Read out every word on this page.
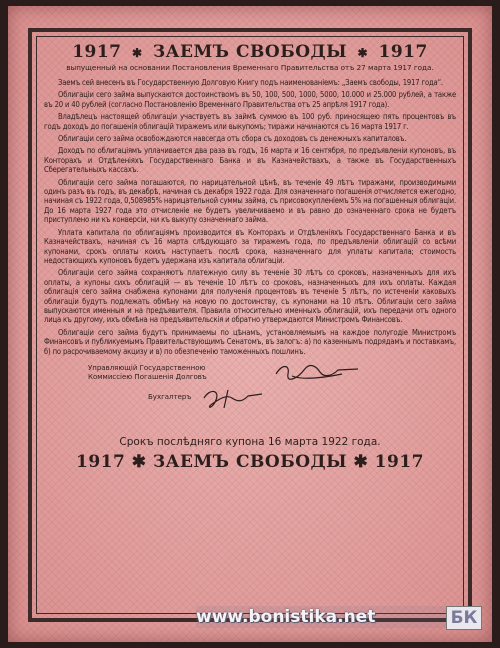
1917 ✱ ЗАЕМЪ СВОБОДЫ ✱ 1917
выпущенный на основании Постановления Временнаго Правительства отъ 27 марта 1917 года.

Заемъ сей внесенъ въ Государственную Долговую Книгу подъ наименованіемъ: „Заемъ свободы, 1917 года“.

Облигаціи сего займа выпускаются достоинствомъ въ 50, 100, 500, 1000, 5000, 10.000 и 25.000 рублей, а также въ 20 и 40 рублей (согласно Постановленію Временнаго Правительства отъ 25 апрѣля 1917 года).

Владѣлецъ настоящей облигаціи участвуетъ въ займѣ суммою въ 100 руб. приносящею пять процентовъ въ годъ доходъ до погашенія облигацій тиражемъ или выкупомъ; тиражи начинаются съ 16 марта 1917 г.

Облигаціи сего займа освобождаются навсегда отъ сбора съ доходовъ съ денежныхъ капиталовъ.

Доходъ по облигаціямъ уплачивается два раза въ годъ, 16 марта и 16 сентября, по предъявленіи купоновъ, въ Конторахъ и Отдѣленіяхъ Государственнаго Банка и въ Казначействахъ, а также въ Государственныхъ Сберегательныхъ кассахъ.

Облигаціи сего займа погашаются, по нарицательной цѣнѣ, въ теченіе 49 лѣтъ тиражами, производимыми одинъ разъ въ годъ, въ декабрѣ, начиная съ декабря 1922 года. Для означеннаго погашенія отчисляется ежегодно, начиная съ 1922 года, 0,508985% нарицательной суммы займа, съ присовокупленіемъ 5% на погашенныя облигаціи. До 16 марта 1927 года это отчисленіе не будетъ увеличиваемо и въ равно до означеннаго срока не будетъ приступлено ни къ конверсіи, ни къ выкупу означеннаго займа.

Уплата капитала по облигаціямъ производится въ Конторахъ и Отдѣленіяхъ Государственнаго Банка и въ Казначействахъ, начиная съ 16 марта слѣдующаго за тиражемъ года, по предъявленіи облигацій со всѣми купонами, срокъ оплаты коихъ наступаетъ послѣ срока, назначеннаго для уплаты капитала; стоимость недостающихъ купоновъ будетъ удержана изъ капитала облигаціи.

Облигаціи сего займа сохраняютъ платежную силу въ теченіе 30 лѣтъ со сроковъ, назначенныхъ для ихъ оплаты, а купоны сихъ облигацій — въ теченіе 10 лѣтъ со сроковъ, назначенныхъ для ихъ оплаты. Каждая облигація сего займа снабжена купонами для полученія процентовъ въ теченіе 5 лѣтъ, по истеченіи каковыхъ облигаціи будутъ подлежать обмѣну на новую по достоинству, съ купонами на 10 лѣтъ. Облигаціи сего займа выпускаются именныя и на предъявителя. Правила относительно именныхъ облигацій, ихъ передачи отъ одного лица къ другому, ихъ обмѣна на предъявительскія и обратно утверждаются Министромъ Финансовъ.

Облигаціи сего займа будутъ принимаемы по цѣнамъ, установляемымъ на каждое полугодіе Министромъ Финансовъ и публикуемымъ Правительствующимъ Сенатомъ, въ залогъ: а) по казеннымъ подрядамъ и поставкамъ, б) по расрочиваемому акцизу и в) по обезпеченію таможенныхъ пошлинъ.

Управляющій Государственною
Коммиссіею Погашенія Долговъ
Бухгалтеръ
Срокъ послѣдняго купона 16 марта 1922 года.
1917 ✱ ЗАЕМЪ СВОБОДЫ ✱ 1917
www.bonistika.net	БК
